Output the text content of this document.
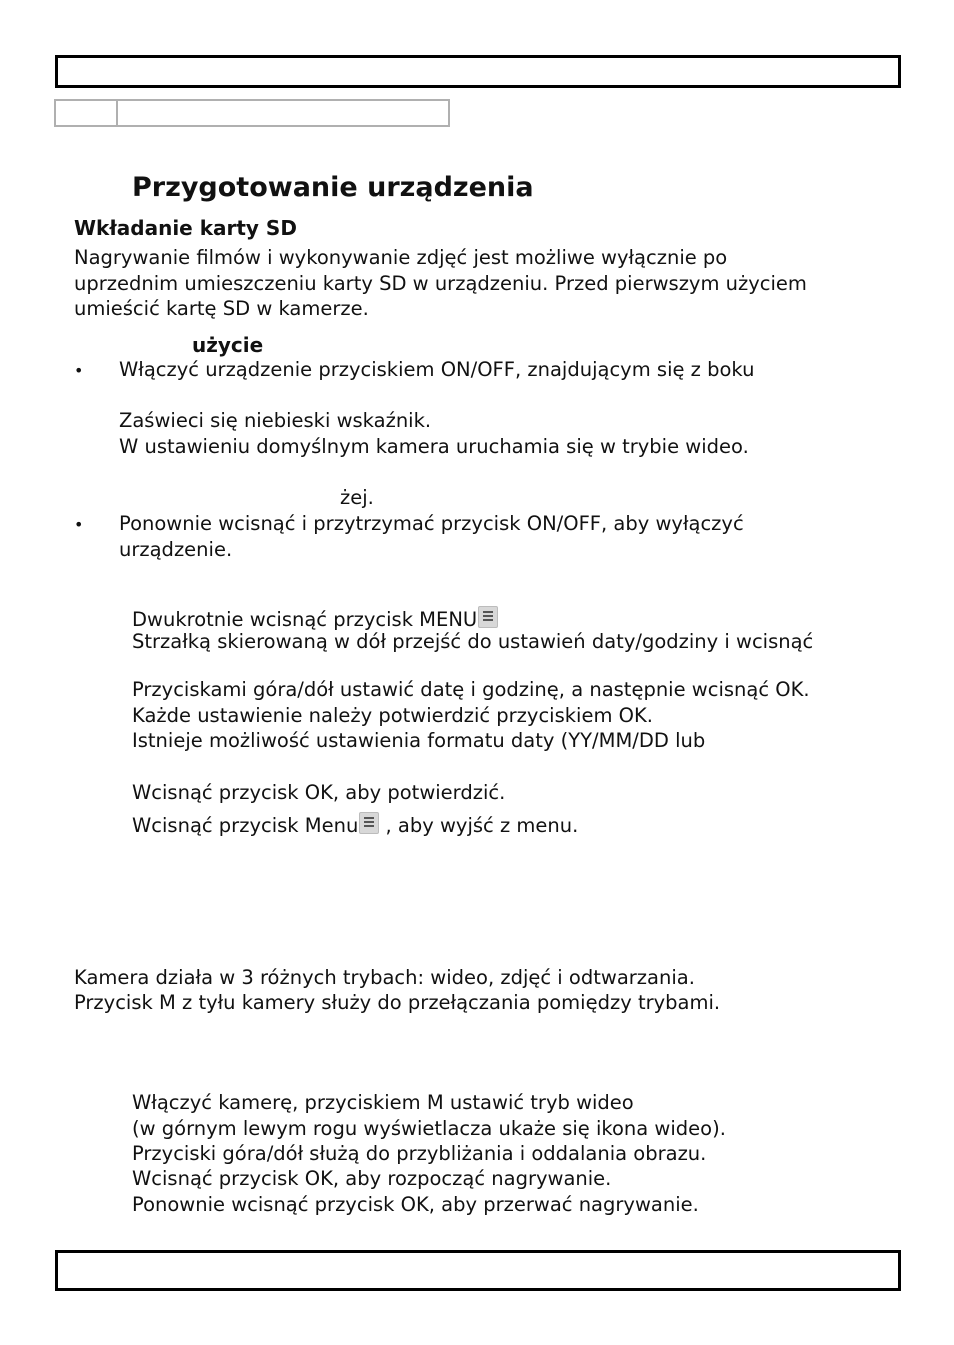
Przygotowanie urządzenia
Wkładanie karty SD
Nagrywanie filmów i wykonywanie zdjęć jest możliwe wyłącznie po
uprzednim umieszczeniu karty SD w urządzeniu. Przed pierwszym użyciem
umieścić kartę SD w kamerze.
użycie
• Włączyć urządzenie przyciskiem ON/OFF, znajdującym się z boku
Zaświeci się niebieski wskaźnik.
W ustawieniu domyślnym kamera uruchamia się w trybie wideo.
żej.
• Ponownie wcisnąć i przytrzymać przycisk ON/OFF, aby wyłączyć
urządzenie.
Dwukrotnie wcisnąć przycisk MENU
Strzałką skierowaną w dół przejść do ustawień daty/godziny i wcisnąć
Przyciskami góra/dół ustawić datę i godzinę, a następnie wcisnąć OK.
Każde ustawienie należy potwierdzić przyciskiem OK.
Istnieje możliwość ustawienia formatu daty (YY/MM/DD lub
Wcisnąć przycisk OK, aby potwierdzić.
Wcisnąć przycisk Menu , aby wyjść z menu.
Kamera działa w 3 różnych trybach: wideo, zdjęć i odtwarzania.
Przycisk M z tyłu kamery służy do przełączania pomiędzy trybami.
Włączyć kamerę, przyciskiem M ustawić tryb wideo
(w górnym lewym rogu wyświetlacza ukaże się ikona wideo).
Przyciski góra/dół służą do przybliżania i oddalania obrazu.
Wcisnąć przycisk OK, aby rozpocząć nagrywanie.
Ponownie wcisnąć przycisk OK, aby przerwać nagrywanie.
